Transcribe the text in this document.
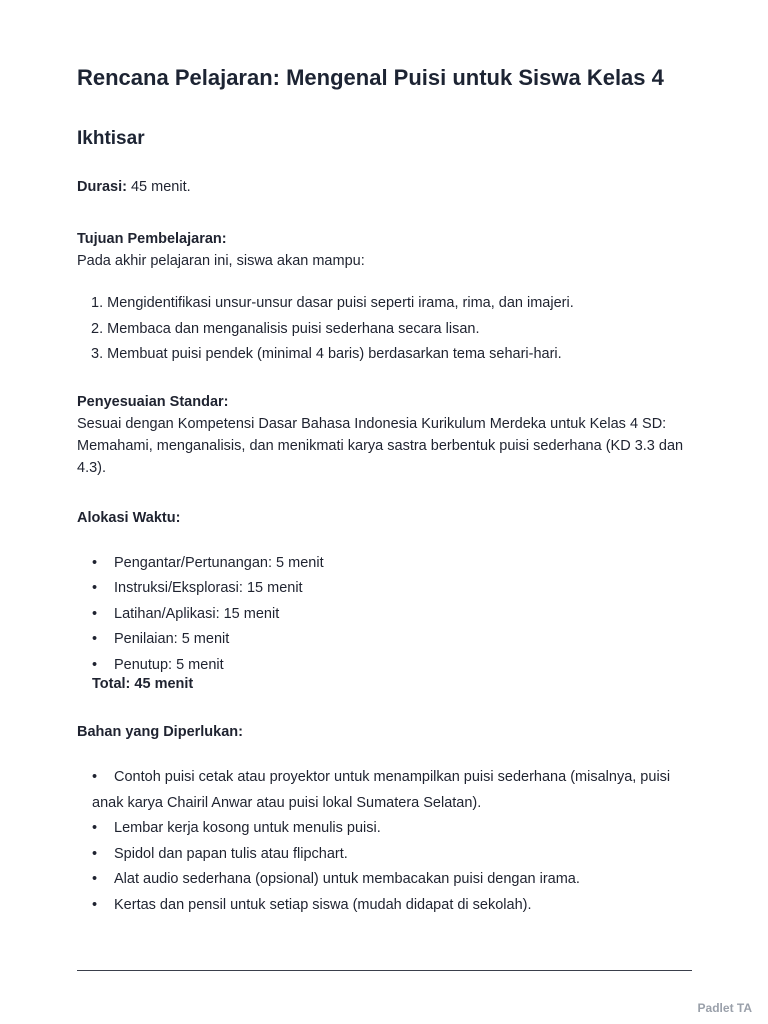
Rencana Pelajaran: Mengenal Puisi untuk Siswa Kelas 4
Ikhtisar

Durasi: 45 menit.

Tujuan Pembelajaran:

Pada akhir pelajaran ini, siswa akan mampu:

1. Mengidentifikasi unsur-unsur dasar puisi seperti irama, rima, dan imajeri.
2. Membaca dan menganalisis puisi sederhana secara lisan.
3. Membuat puisi pendek (minimal 4 baris) berdasarkan tema sehari-hari.

Penyesuaian Standar:

Sesuai dengan Kompetensi Dasar Bahasa Indonesia Kurikulum Merdeka untuk Kelas 4 SD: Memahami, menganalisis, dan menikmati karya sastra berbentuk puisi sederhana (KD 3.3 dan 4.3).

Alokasi Waktu:

• Pengantar/Pertunangan: 5 menit
• Instruksi/Eksplorasi: 15 menit
• Latihan/Aplikasi: 15 menit
• Penilaian: 5 menit
• Penutup: 5 menit

Total: 45 menit

Bahan yang Diperlukan:

• Contoh puisi cetak atau proyektor untuk menampilkan puisi sederhana (misalnya, puisi anak karya Chairil Anwar atau puisi lokal Sumatera Selatan).
• Lembar kerja kosong untuk menulis puisi.
• Spidol dan papan tulis atau flipchart.
• Alat audio sederhana (opsional) untuk membacakan puisi dengan irama.
• Kertas dan pensil untuk setiap siswa (mudah didapat di sekolah).
Padlet TA
